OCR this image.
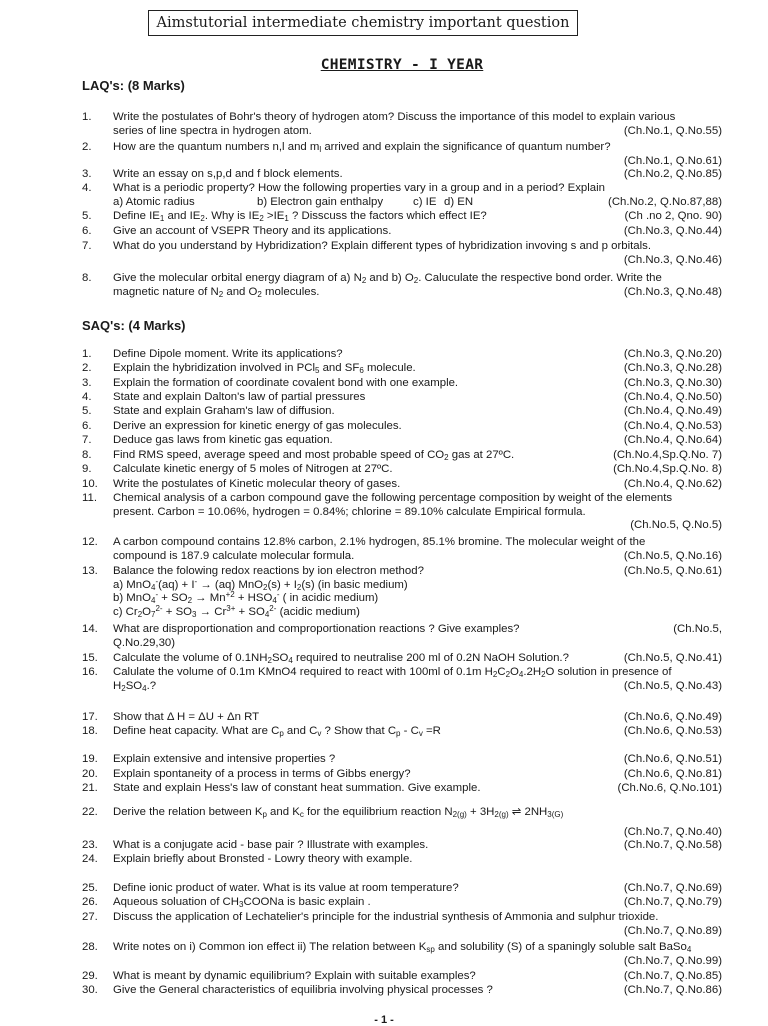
Aimstutorial intermediate chemistry important question
CHEMISTRY - I YEAR
LAQ's: (8 Marks)
1. Write the postulates of Bohr's theory of hydrogen atom? Discuss the importance of this model to explain various
series of line spectra in hydrogen atom.	(Ch.No.1, Q.No.55)
2. How are the quantum numbers n,l and $m_l$ arrived and explain the significance of quantum number?
(Ch.No.1, Q.No.61)
3. Write an essay on s,p,d and f block elements.	(Ch.No.2, Q.No.85)
4. What is a periodic property? How the following properties vary in a group and in a period? Explain
a) Atomic radius	b) Electron gain enthalpy	c) IE d) EN	(Ch.No.2, Q.No.87,88)
5. Define $IE_1$ and $IE_2$. Why is $IE_2 >IE_1$ ? Disscuss the factors which effect IE?	(Ch .no 2, Qno. 90)
6. Give an account of VSEPR Theory and its applications.	(Ch.No.3, Q.No.44)
7. What do you understand by Hybridization? Explain different types of hybridization invoving s and p orbitals.
(Ch.No.3, Q.No.46)
8. Give the molecular orbital energy diagram of a) $N_2$ and b) $O_2$. Caluculate the respective bond order. Write the
magnetic nature of $N_2$ and $O_2$ molecules.	(Ch.No.3, Q.No.48)
SAQ's: (4 Marks)
1. Define Dipole moment. Write its applications?	(Ch.No.3, Q.No.20)
2. Explain the hybridization involved in PCl$_5$ and $SF_6$ molecule.	(Ch.No.3, Q.No.28)
3. Explain the formation of coordinate covalent bond with one example.	(Ch.No.3, Q.No.30)
4. State and explain Dalton's law of partial pressures	(Ch.No.4, Q.No.50)
5. State and explain Graham's law of diffusion.	(Ch.No.4, Q.No.49)
6. Derive an expression for kinetic energy of gas molecules.	(Ch.No.4, Q.No.53)
7. Deduce gas laws from kinetic gas equation.	(Ch.No.4, Q.No.64)
8. Find RMS speed, average speed and most probable speed of $CO_2$ gas at 27ºC.	(Ch.No.4,Sp.Q.No. 7)
9. Calculate kinetic energy of 5 moles of Nitrogen at 27ºC.	(Ch.No.4,Sp.Q.No. 8)
10. Write the postulates of Kinetic molecular theory of gases.	(Ch.No.4, Q.No.62)
11. Chemical analysis of a carbon compound gave the following percentage composition by weight of the elements
present. Carbon = 10.06%, hydrogen = 0.84%; chlorine = 89.10% calculate Empirical formula.
(Ch.No.5, Q.No.5)
12. A carbon compound contains 12.8% carbon, 2.1% hydrogen, 85.1% bromine. The molecular weight of the
compound is 187.9 calculate molecular formula.	(Ch.No.5, Q.No.16)
13. Balance the folowing redox reactions by ion electron method?	(Ch.No.5, Q.No.61)
a) MnO$_4$-(aq) + I- → (aq) $MnO_2(s) + I_2(s)$ (in basic medium)
b) $MnO_4^- + SO_2 \to Mn^{+2} + HSO_4^-$ ( in acidic medium)
c) $Cr_2O_7^{2-} + SO_3 \to Cr^{3+} + SO_4^{2-}$ (acidic medium)
14. What are disproportionation and comproportionation reactions ? Give examples?	(Ch.No.5,
Q.No.29,30)
15. Calculate the volume of $0.1NH_2SO_4$ required to neutralise 200 ml of 0.2N NaOH Solution.?	(Ch.No.5, Q.No.41)
16. Calulate the volume of 0.1m KMnO4 required to react with 100ml of 0.1m $H_2C_2O_4.2H_2O$ solution in presence of
$H_2SO_4$.?	(Ch.No.5, Q.No.43)
17. Show that Δ H = ΔU + Δn RT	(Ch.No.6, Q.No.49)
18. Define heat capacity. What are $C_p$ and $C_v$ ? Show that $C_p - C_v =R$	(Ch.No.6, Q.No.53)
19. Explain extensive and intensive properties ?	(Ch.No.6, Q.No.51)
20. Explain spontaneity of a process in terms of Gibbs energy?	(Ch.No.6, Q.No.81)
21. State and explain Hess's law of constant heat summation. Give example.	(Ch.No.6, Q.No.101)
22. Derive the relation between $K_p$ and $K_c$ for the equilibrium reaction $N_{2(g)} + 3H_{2(g)}$ ⇌ $2NH_{3(G)}$
(Ch.No.7, Q.No.40)
23. What is a conjugate acid - base pair ? Illustrate with examples.	(Ch.No.7, Q.No.58)
24. Explain briefly about Bronsted - Lowry theory with example.
25. Define ionic product of water. What is its value at room temperature?	(Ch.No.7, Q.No.69)
26. Aqueous soluation of $CH_3COONa$ is basic explain .	(Ch.No.7, Q.No.79)
27. Discuss the application of Lechatelier's principle for the industrial synthesis of Ammonia and sulphur trioxide.
(Ch.No.7, Q.No.89)
28. Write notes on i) Common ion effect ii) The relation between $K_{sp}$ and solubility (S) of a spaningly soluble salt BaSo$_4$
(Ch.No.7, Q.No.99)
29. What is meant by dynamic equilibrium? Explain with suitable examples?	(Ch.No.7, Q.No.85)
30. Give the General characteristics of equilibria involving physical processes ?	(Ch.No.7, Q.No.86)
- 1 -
